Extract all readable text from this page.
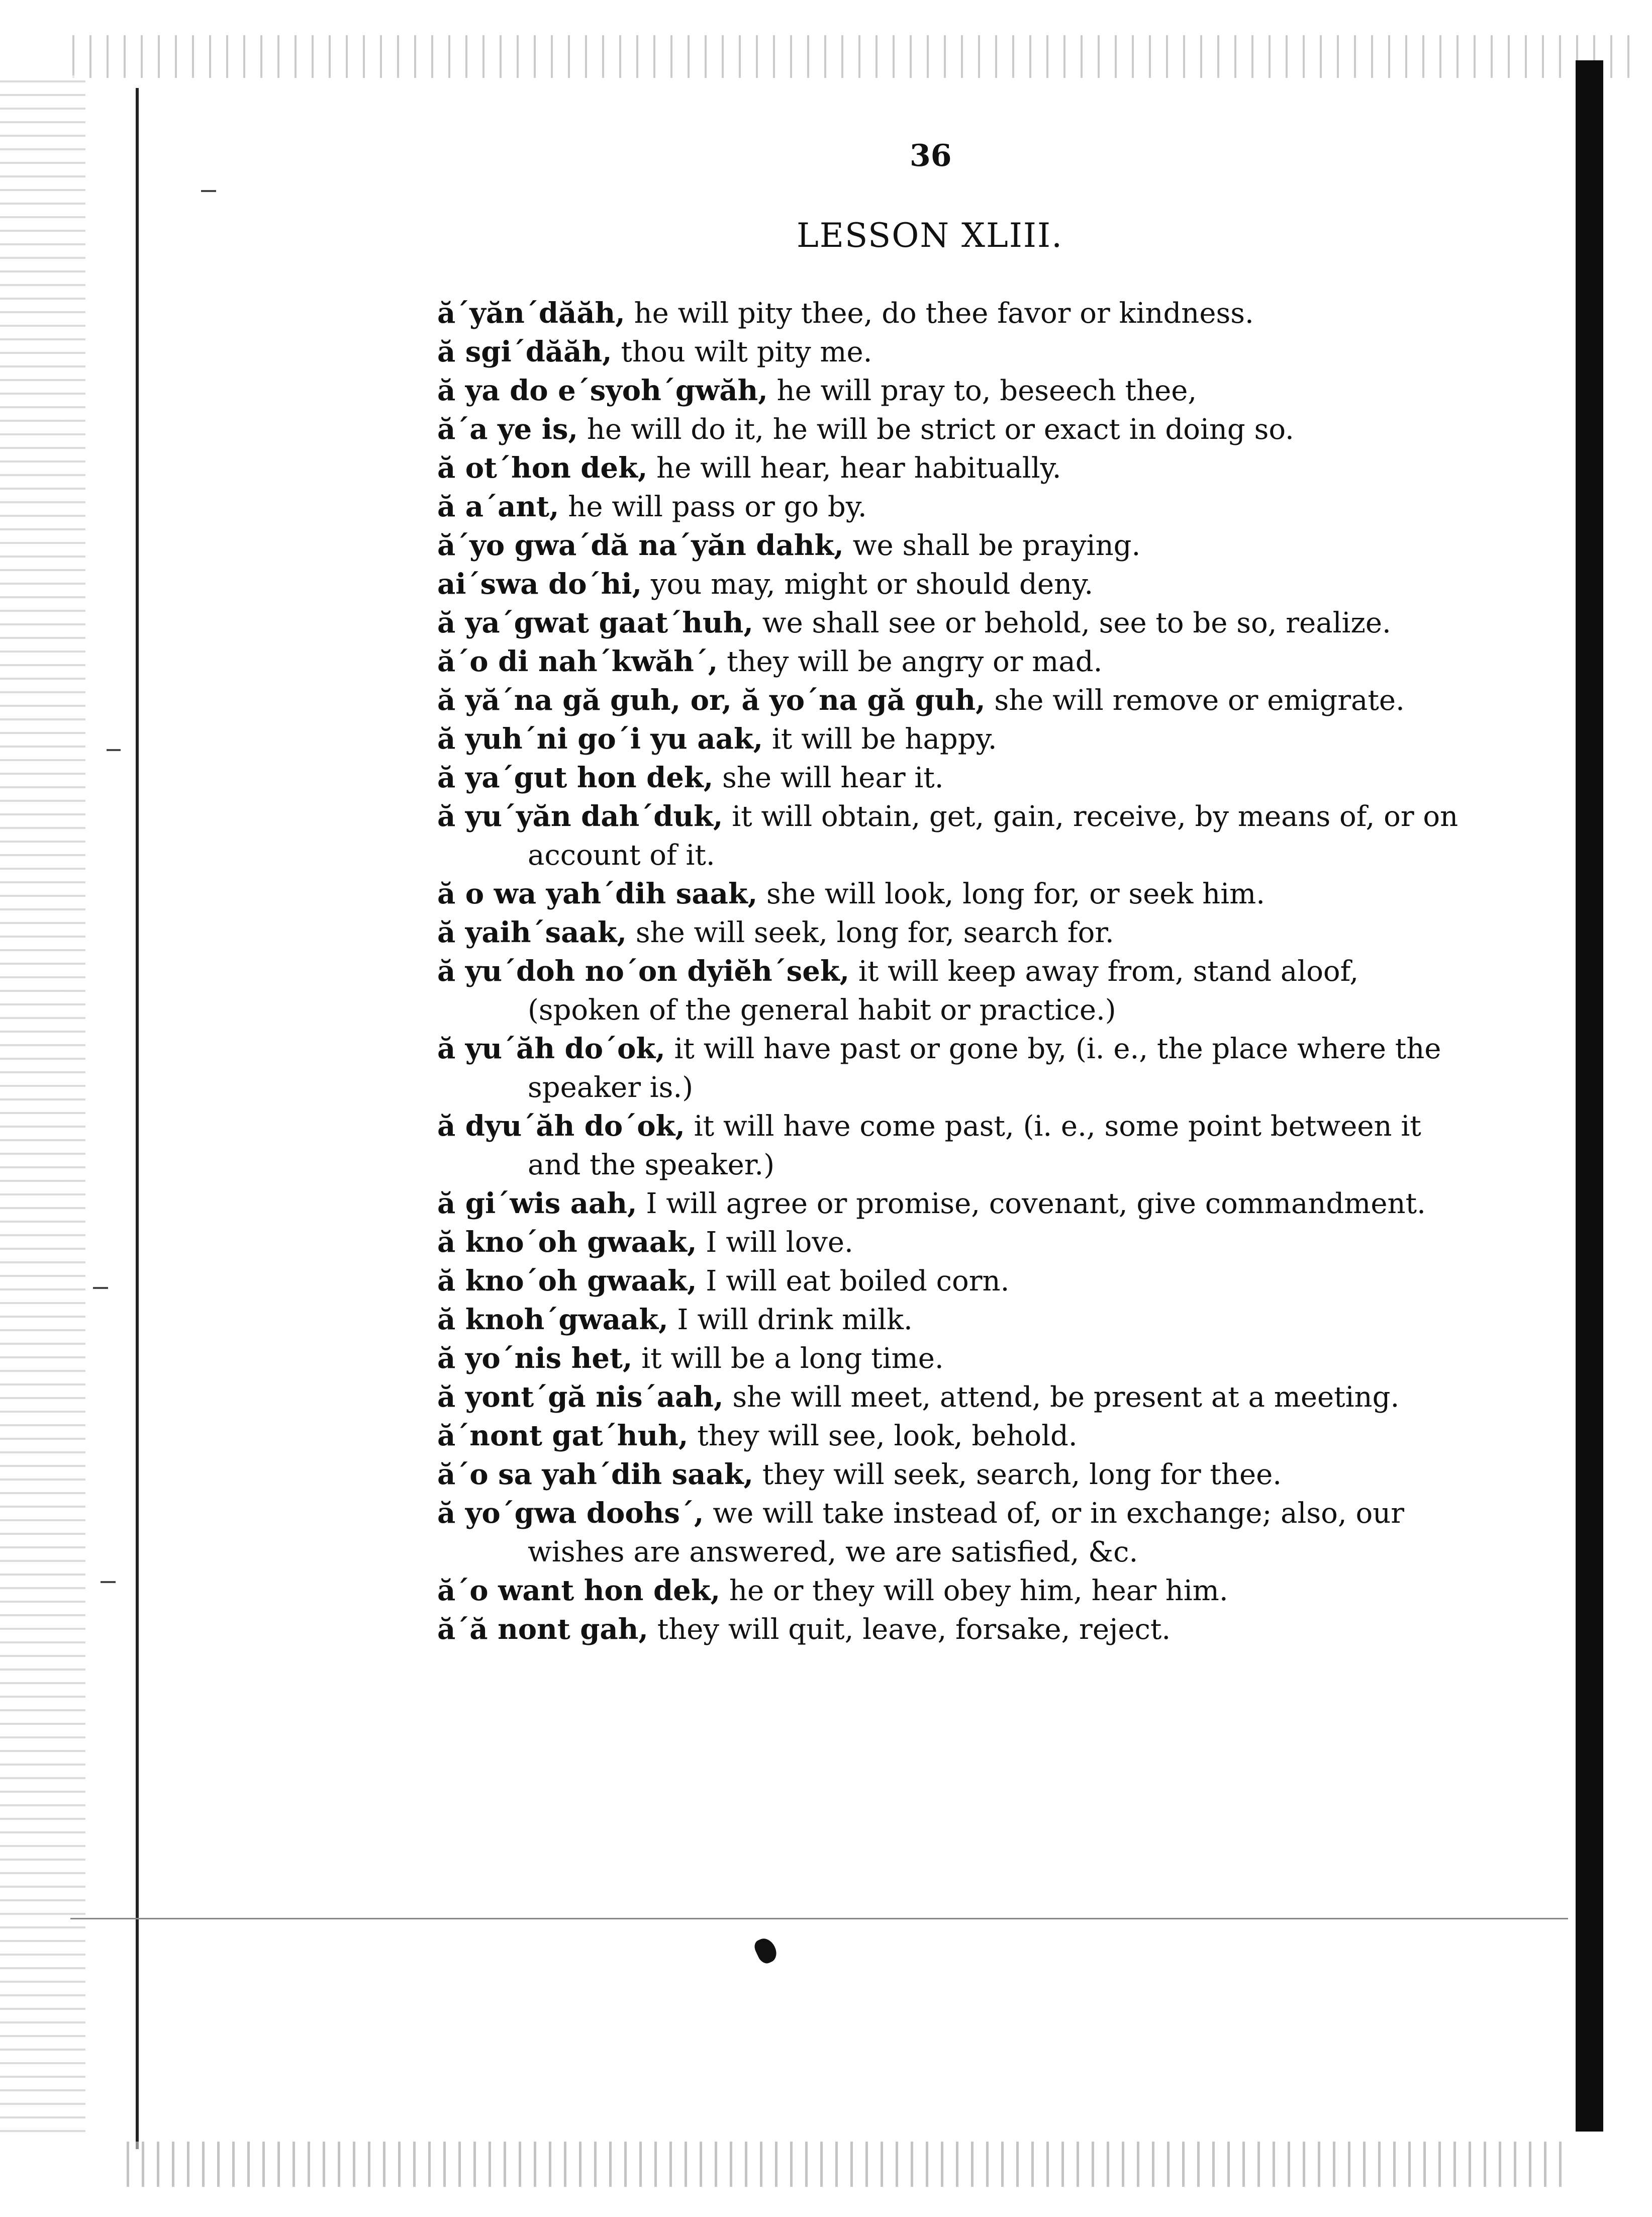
36
LESSON XLIII.
ă´yăn´dăăh, he will pity thee, do thee favor or kindness.
ă sgi´dăăh, thou wilt pity me.
ă ya do e´syoh´gwăh, he will pray to, beseech thee,
ă´a ye is, he will do it, he will be strict or exact in doing so.
ă ot´hon dek, he will hear, hear habitually.
ă a´ant, he will pass or go by.
ă´yo gwa´dă na´yăn dahk, we shall be praying.
ai´swa do´hi, you may, might or should deny.
ă ya´gwat gaat´huh, we shall see or behold, see to be so, realize.
ă´o di nah´kwăh´, they will be angry or mad.
ă yă´na gă guh, or, ă yo´na gă guh, she will remove or emigrate.
ă yuh´ni go´i yu aak, it will be happy.
ă ya´gut hon dek, she will hear it.
ă yu´yăn dah´duk, it will obtain, get, gain, receive, by means of, or on account of it.
ă o wa yah´dih saak, she will look, long for, or seek him.
ă yaih´saak, she will seek, long for, search for.
ă yu´doh no´on dyiĕh´sek, it will keep away from, stand aloof, (spoken of the general habit or practice.)
ă yu´ăh do´ok, it will have past or gone by, (i. e., the place where the speaker is.)
ă dyu´ăh do´ok, it will have come past, (i. e., some point between it and the speaker.)
ă gi´wis aah, I will agree or promise, covenant, give commandment.
ă kno´oh gwaak, I will love.
ă kno´oh gwaak, I will eat boiled corn.
ă knoh´gwaak, I will drink milk.
ă yo´nis het, it will be a long time.
ă yont´gă nis´aah, she will meet, attend, be present at a meeting.
ă´nont gat´huh, they will see, look, behold.
ă´o sa yah´dih saak, they will seek, search, long for thee.
ă yo´gwa doohs´, we will take instead of, or in exchange; also, our wishes are answered, we are satisfied, &c.
ă´o want hon dek, he or they will obey him, hear him.
ă´ă nont gah, they will quit, leave, forsake, reject.
